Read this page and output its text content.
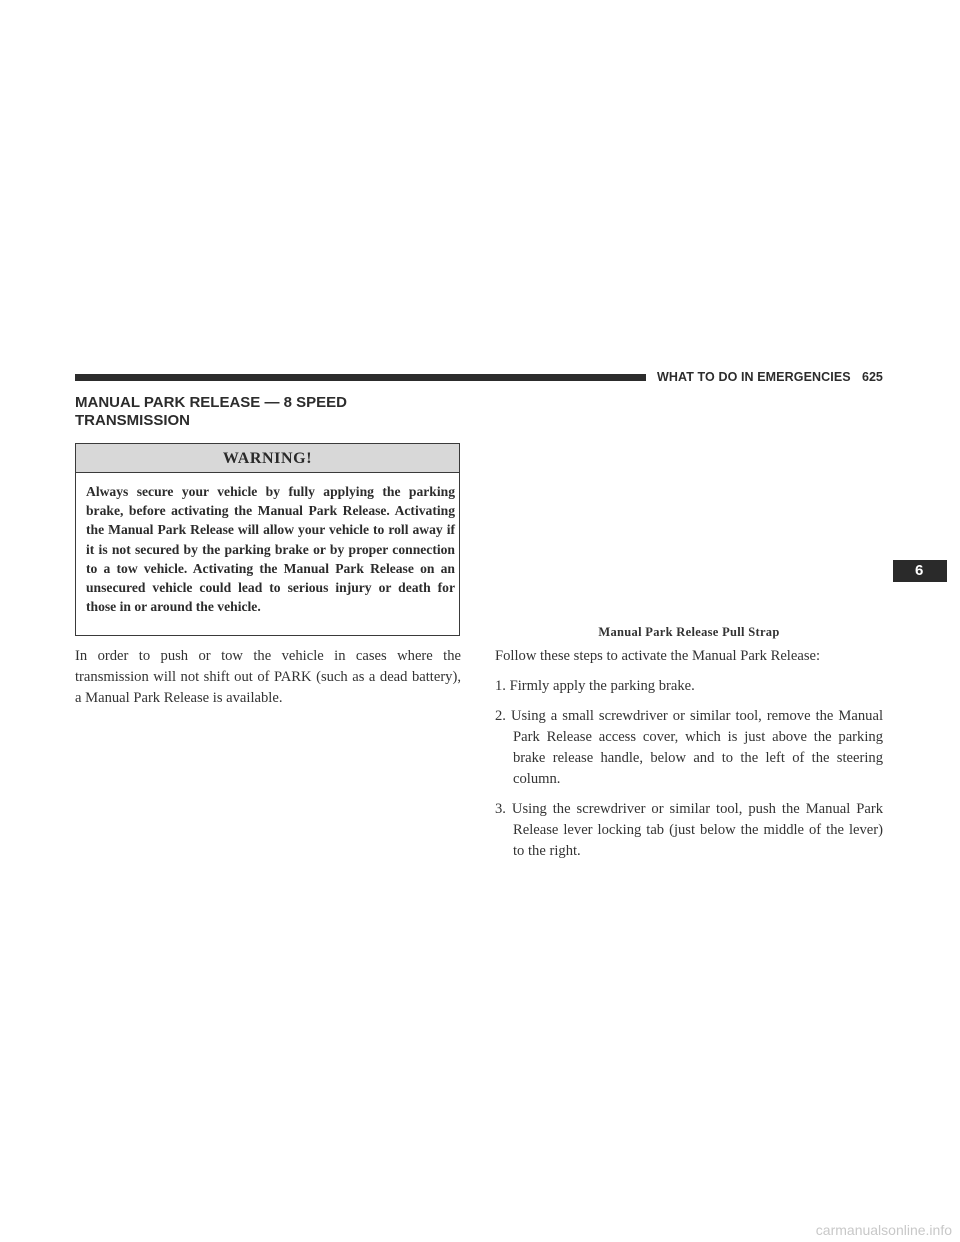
WHAT TO DO IN EMERGENCIES 625
MANUAL PARK RELEASE — 8 SPEED
TRANSMISSION
WARNING!
Always secure your vehicle by fully applying the parking brake, before activating the Manual Park Release. Activating the Manual Park Release will allow your vehicle to roll away if it is not secured by the parking brake or by proper connection to a tow vehicle. Activating the Manual Park Release on an unsecured vehicle could lead to serious injury or death for those in or around the vehicle.

In order to push or tow the vehicle in cases where the transmission will not shift out of PARK (such as a dead battery), a Manual Park Release is available.

Manual Park Release Pull Strap

Follow these steps to activate the Manual Park Release:

1. Firmly apply the parking brake.
2. Using a small screwdriver or similar tool, remove the Manual Park Release access cover, which is just above the parking brake release handle, below and to the left of the steering column.
3. Using the screwdriver or similar tool, push the Manual Park Release lever locking tab (just below the middle of the lever) to the right.
6
carmanualsonline.info
